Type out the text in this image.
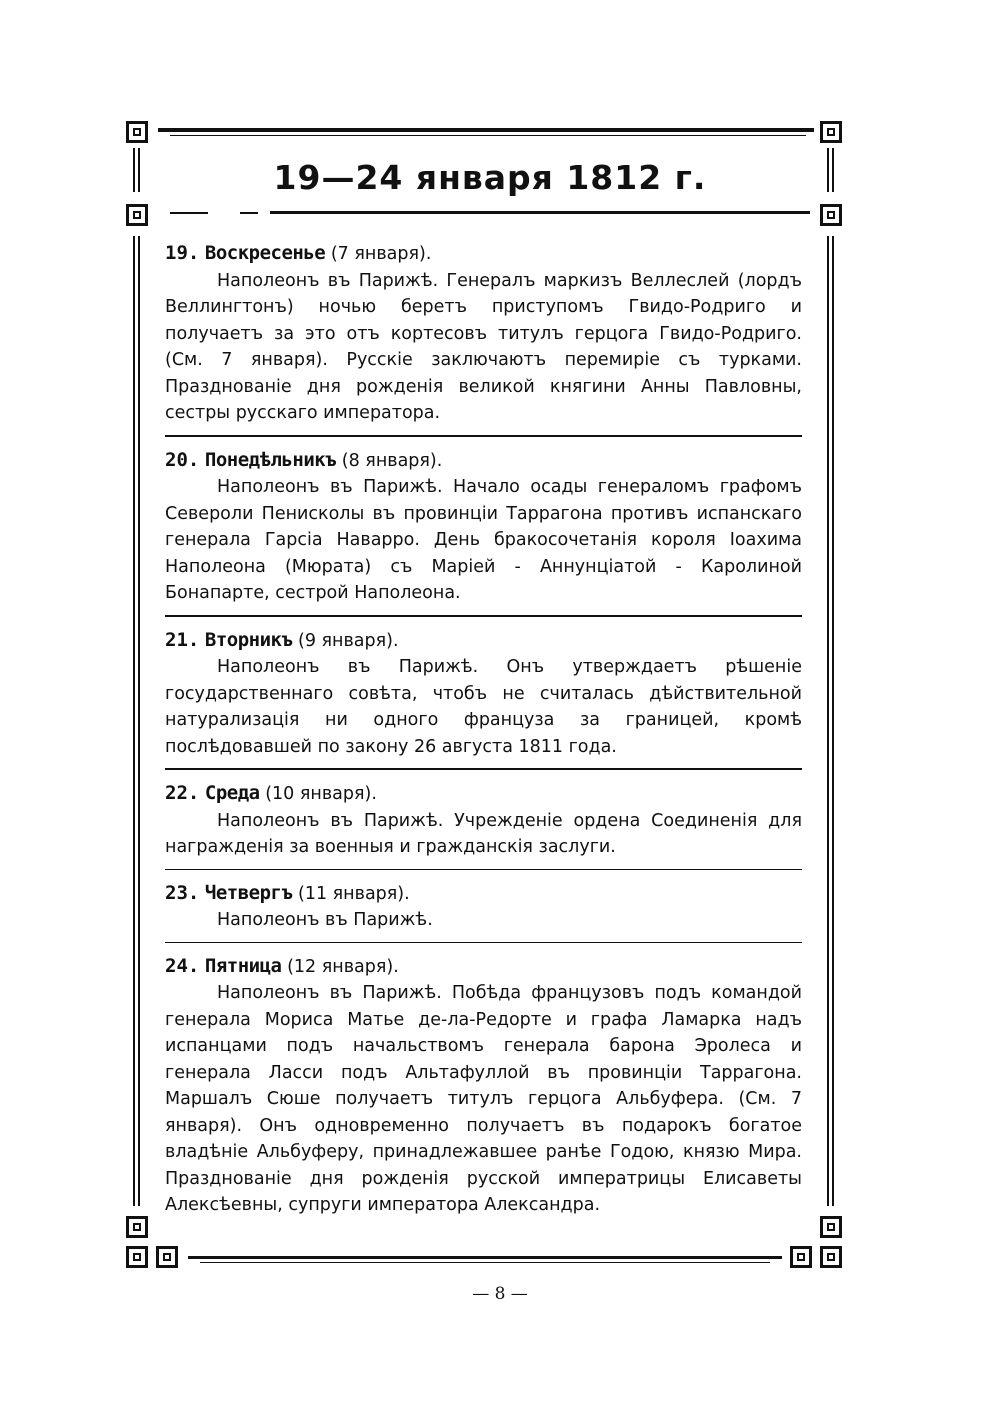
19—24 января 1812 г.

19. Воскресенье (7 января).

Наполеонъ въ Парижѣ. Генералъ маркизъ Веллеслей (лордъ Веллингтонъ) ночью беретъ приступомъ Гвидо-Родриго и получаетъ за это отъ кортесовъ титулъ герцога Гвидо-Родриго. (См. 7 января). Русскіе заключаютъ перемиріе съ турками. Празднованіе дня рожденія великой княгини Анны Павловны, сестры русскаго императора.

20. Понедѣльникъ (8 января).

Наполеонъ въ Парижѣ. Начало осады генераломъ графомъ Североли Пенисколы въ провинціи Таррагона противъ испанскаго генерала Гарсіа Наварро. День бракосочетанія короля Іоахима Наполеона (Мюрата) съ Маріей - Аннунціатой - Каролиной Бонапарте, сестрой Наполеона.

21. Вторникъ (9 января).

Наполеонъ въ Парижѣ. Онъ утверждаетъ рѣшеніе государственнаго совѣта, чтобъ не считалась дѣйствительной натурализація ни одного француза за границей, кромѣ послѣдовавшей по закону 26 августа 1811 года.

22. Среда (10 января).

Наполеонъ въ Парижѣ. Учрежденіе ордена Соединенія для награжденія за военныя и гражданскія заслуги.

23. Четвергъ (11 января).

Наполеонъ въ Парижѣ.

24. Пятница (12 января).

Наполеонъ въ Парижѣ. Побѣда французовъ подъ командой генерала Мориса Матье де-ла-Редорте и графа Ламарка надъ испанцами подъ начальствомъ генерала барона Эролеса и генерала Ласси подъ Альтафуллой въ провинціи Таррагона. Маршалъ Сюше получаетъ титулъ герцога Альбуфера. (См. 7 января). Онъ одновременно получаетъ въ подарокъ богатое владѣніе Альбуферу, принадлежавшее ранѣе Годою, князю Мира. Празднованіе дня рожденія русской императрицы Елисаветы Алексѣевны, супруги императора Александра.

— 8 —
